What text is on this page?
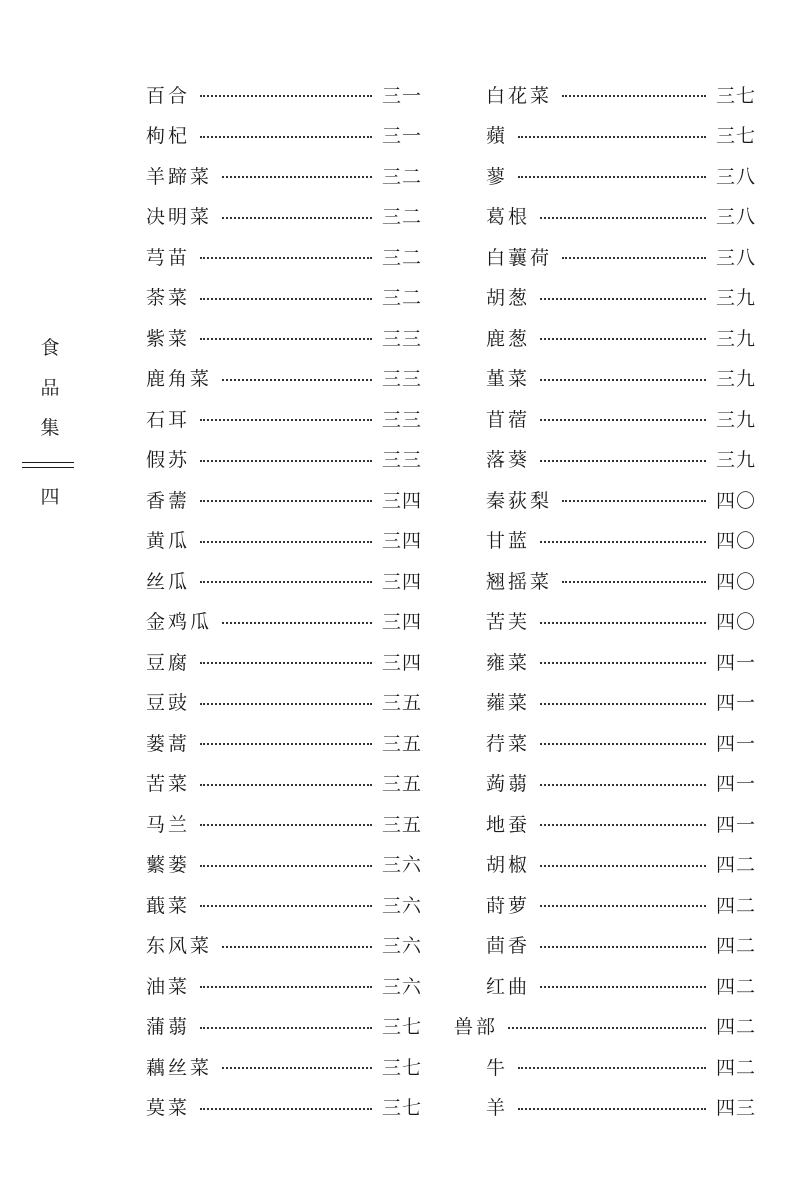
食
品
集
四
百合	三一
枸杞	三一
羊蹄菜	三二
决明菜	三二
芎苗	三二
荼菜	三二
紫菜	三三
鹿角菜	三三
石耳	三三
假苏	三三
香薷	三四
黄瓜	三四
丝瓜	三四
金鸡瓜	三四
豆腐	三四
豆豉	三五
蒌蒿	三五
苦菜	三五
马兰	三五
蘩蒌	三六
蕺菜	三六
东风菜	三六
油菜	三六
蒲蒻	三七
藕丝菜	三七
莫菜	三七
白花菜	三七
蘋	三七
蓼	三八
葛根	三八
白蘘荷	三八
胡葱	三九
鹿葱	三九
堇菜	三九
苜蓿	三九
落葵	三九
秦荻梨	四〇
甘蓝	四〇
翘摇菜	四〇
苦芙	四〇
雍菜	四一
蕹菜	四一
荇菜	四一
蒟蒻	四一
地蚕	四一
胡椒	四二
莳萝	四二
茴香	四二
红曲	四二
兽部	四二
牛	四二
羊	四三
